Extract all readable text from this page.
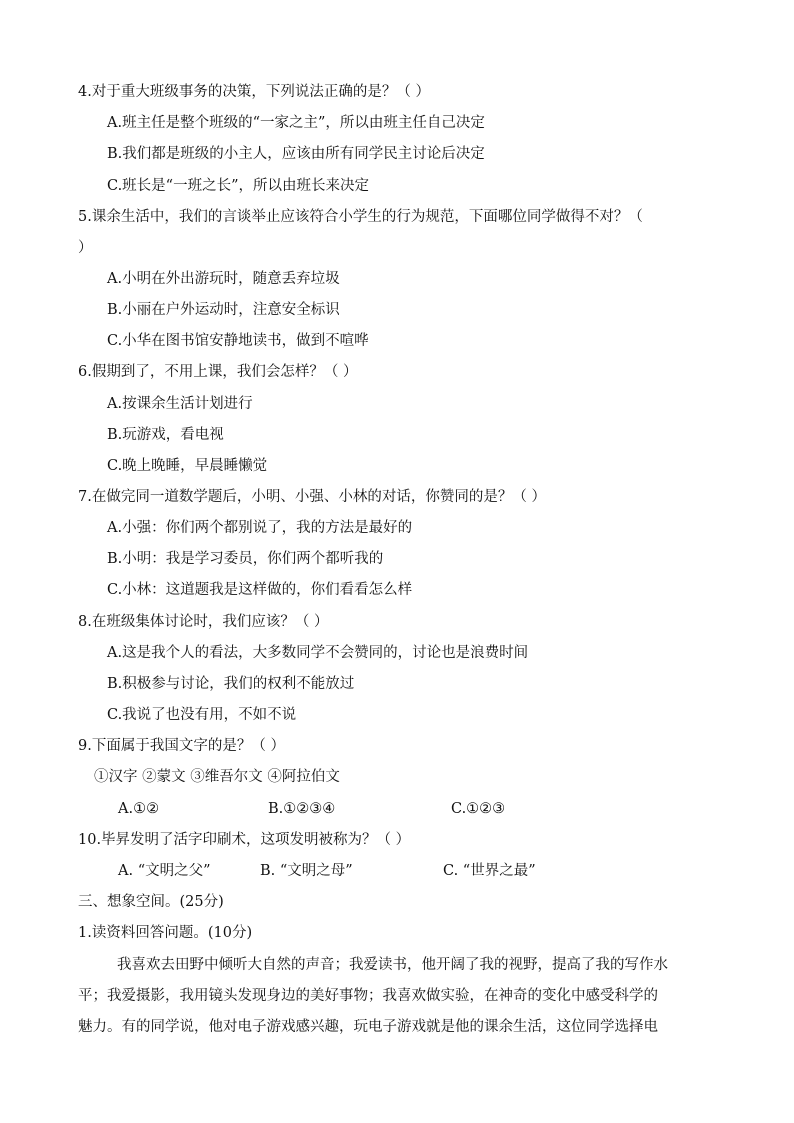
4.对于重大班级事务的决策，下列说法正确的是？（ ）
A.班主任是整个班级的“一家之主”，所以由班主任自己决定
B.我们都是班级的小主人，应该由所有同学民主讨论后决定
C.班长是“一班之长”，所以由班长来决定
5.课余生活中，我们的言谈举止应该符合小学生的行为规范，下面哪位同学做得不对？（
）
A.小明在外出游玩时，随意丢弃垃圾
B.小丽在户外运动时，注意安全标识
C.小华在图书馆安静地读书，做到不喧哗
6.假期到了，不用上课，我们会怎样？（ ）
A.按课余生活计划进行
B.玩游戏，看电视
C.晚上晚睡，早晨睡懒觉
7.在做完同一道数学题后，小明、小强、小林的对话，你赞同的是？（ ）
A.小强：你们两个都别说了，我的方法是最好的
B.小明：我是学习委员，你们两个都听我的
C.小林：这道题我是这样做的，你们看看怎么样
8.在班级集体讨论时，我们应该？（ ）
A.这是我个人的看法，大多数同学不会赞同的，讨论也是浪费时间
B.积极参与讨论，我们的权利不能放过
C.我说了也没有用，不如不说
9.下面属于我国文字的是？（ ）
①汉字 ②蒙文 ③维吾尔文 ④阿拉伯文
A.①②	B.①②③④	C.①②③
10.毕昇发明了活字印刷术，这项发明被称为？（ ）
A. “文明之父”	B. “文明之母”	C. “世界之最”
三、想象空间。(25分)
1.读资料回答问题。(10分)
我喜欢去田野中倾听大自然的声音；我爱读书，他开阔了我的视野，提高了我的写作水
平；我爱摄影，我用镜头发现身边的美好事物；我喜欢做实验，在神奇的变化中感受科学的
魅力。有的同学说，他对电子游戏感兴趣，玩电子游戏就是他的课余生活，这位同学选择电
